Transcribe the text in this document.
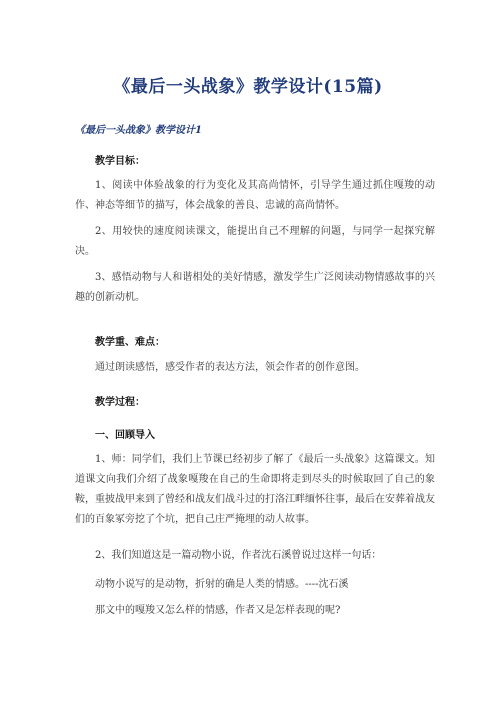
《最后一头战象》教学设计(15篇)
《最后一头战象》教学设计1
教学目标：
1、阅读中体验战象的行为变化及其高尚情怀，引导学生通过抓住嘎羧的动作、神态等细节的描写，体会战象的善良、忠诚的高尚情怀。
2、用较快的速度阅读课文，能提出自己不理解的问题，与同学一起探究解决。
3、感悟动物与人和谐相处的美好情感，激发学生广泛阅读动物情感故事的兴趣的创新动机。
教学重、难点：
通过朗读感悟，感受作者的表达方法，领会作者的创作意图。
教学过程：
一、回顾导入
1、师：同学们，我们上节课已经初步了解了《最后一头战象》这篇课文。知道课文向我们介绍了战象嘎羧在自己的生命即将走到尽头的时候取回了自己的象鞍，重披战甲来到了曾经和战友们战斗过的打洛江畔缅怀往事，最后在安葬着战友们的百象冢旁挖了个坑，把自己庄严掩埋的动人故事。
2、我们知道这是一篇动物小说，作者沈石溪曾说过这样一句话：
动物小说写的是动物，折射的确是人类的情感。----沈石溪
那文中的嘎羧又怎么样的情感，作者又是怎样表现的呢?
